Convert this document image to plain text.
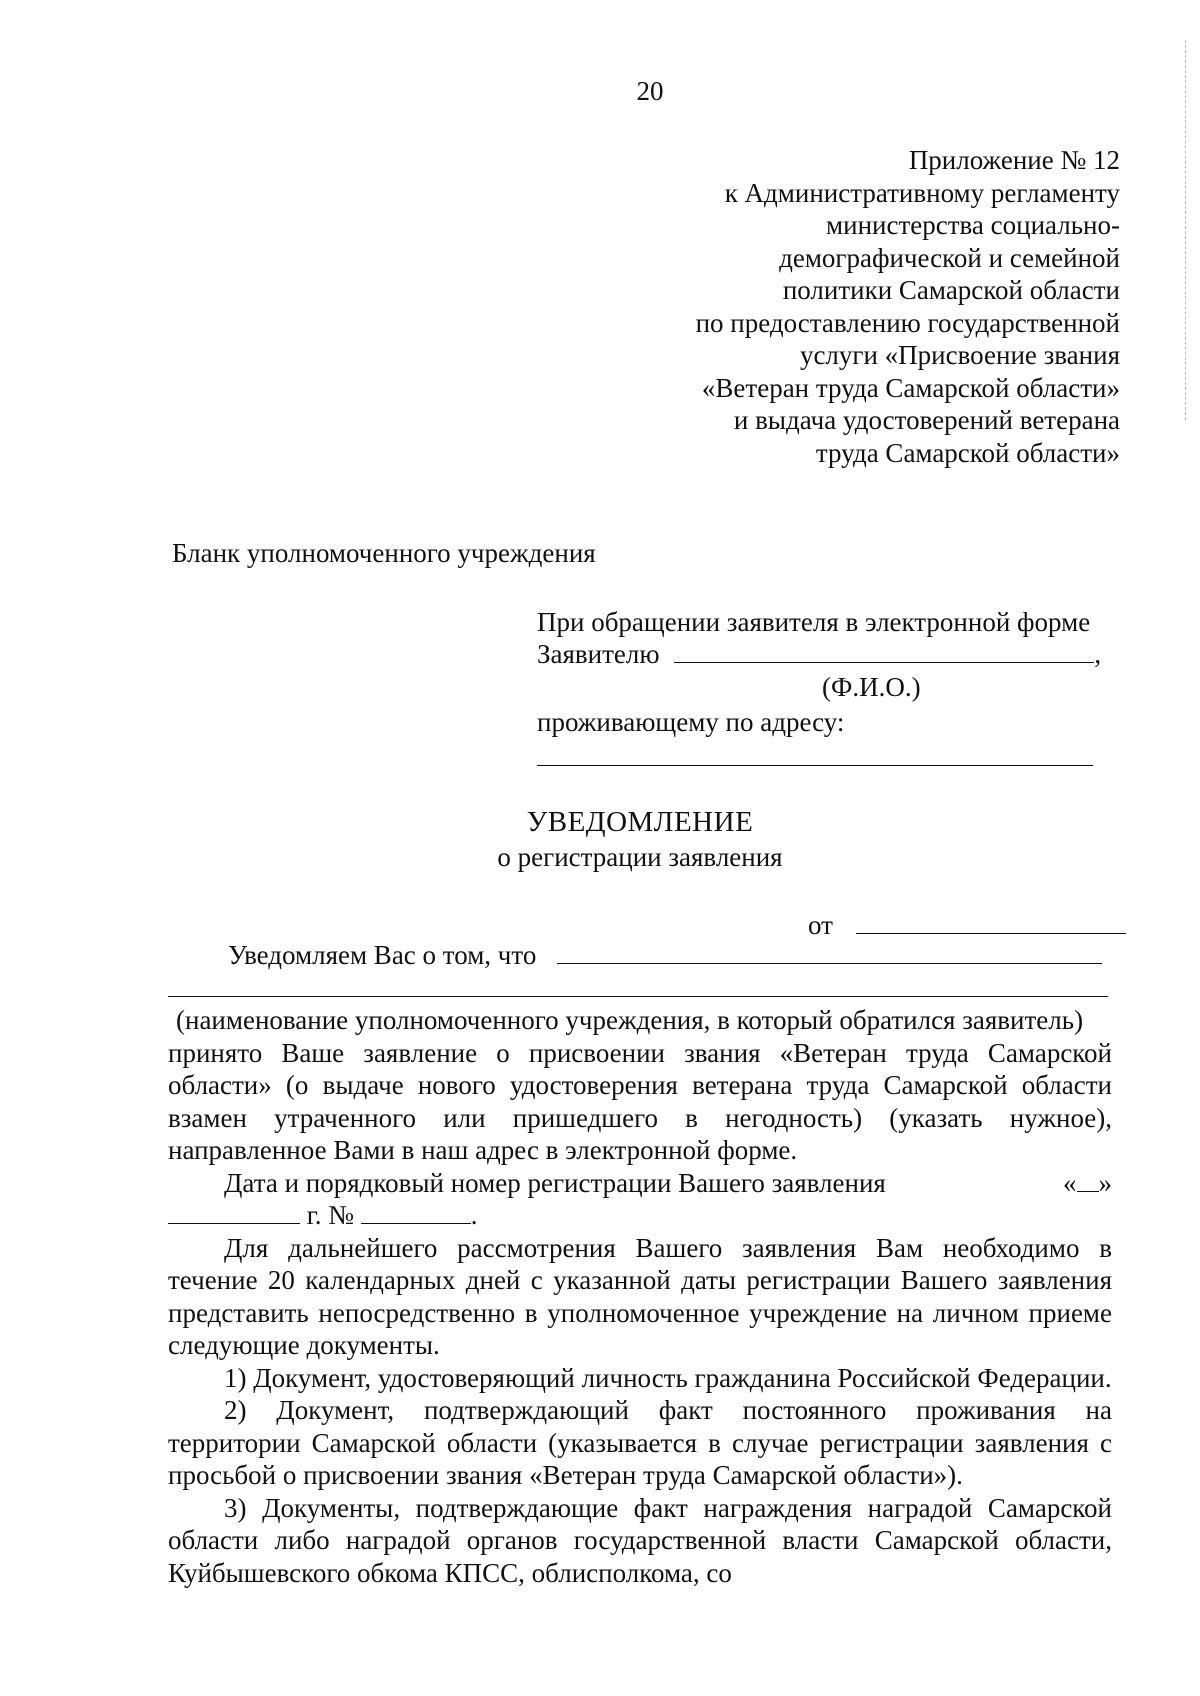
20
Приложение № 12
к Административному регламенту
министерства социально-
демографической и семейной
политики Самарской области
по предоставлению государственной
услуги «Присвоение звания
«Ветеран труда Самарской области»
и выдача удостоверений ветерана
труда Самарской области»
Бланк уполномоченного учреждения
При обращении заявителя в электронной форме
Заявителю	,
(Ф.И.О.)
проживающему по адресу:
УВЕДОМЛЕНИЕ
о регистрации заявления
от
Уведомляем Вас о том, что

(наименование уполномоченного учреждения, в который обратился заявитель)

принято Ваше заявление о присвоении звания «Ветеран труда Самарской области» (о выдаче нового удостоверения ветерана труда Самарской области взамен утраченного или пришедшего в негодность) (указать нужное), направленное Вами в наш адрес в электронной форме.

Дата и порядковый номер регистрации Вашего заявления	« »

г. №	.

Для дальнейшего рассмотрения Вашего заявления Вам необходимо в течение 20 календарных дней с указанной даты регистрации Вашего заявления представить непосредственно в уполномоченное учреждение на личном приеме следующие документы.

1) Документ, удостоверяющий личность гражданина Российской Федерации.

2) Документ, подтверждающий факт постоянного проживания на территории Самарской области (указывается в случае регистрации заявления с просьбой о присвоении звания «Ветеран труда Самарской области»).

3) Документы, подтверждающие факт награждения наградой Самарской области либо наградой органов государственной власти Самарской области, Куйбышевского обкома КПСС, облисполкома, со
